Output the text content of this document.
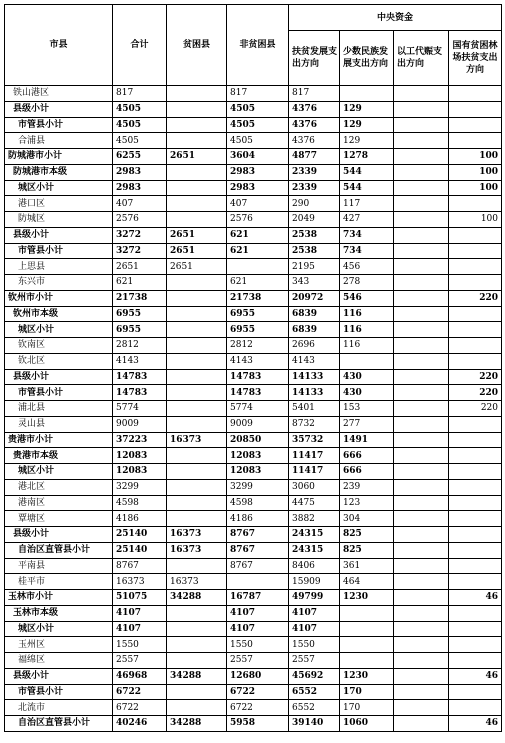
市县	合计	贫困县	非贫困县	中央资金			
				扶贫发展支出方向	少数民族发展支出方向	以工代赈支出方向	国有贫困林场扶贫支出方向
铁山港区	817		817	817			
县级小计	4505		4505	4376	129		
市管县小计	4505		4505	4376	129		
合浦县	4505		4505	4376	129		
防城港市小计	6255	2651	3604	4877	1278		100
防城港市本级	2983		2983	2339	544		100
城区小计	2983		2983	2339	544		100
港口区	407		407	290	117		
防城区	2576		2576	2049	427		100
县级小计	3272	2651	621	2538	734		
市管县小计	3272	2651	621	2538	734		
上思县	2651	2651		2195	456		
东兴市	621		621	343	278		
钦州市小计	21738		21738	20972	546		220
钦州市本级	6955		6955	6839	116		
城区小计	6955		6955	6839	116		
钦南区	2812		2812	2696	116		
钦北区	4143		4143	4143			
县级小计	14783		14783	14133	430		220
市管县小计	14783		14783	14133	430		220
浦北县	5774		5774	5401	153		220
灵山县	9009		9009	8732	277		
贵港市小计	37223	16373	20850	35732	1491		
贵港市本级	12083		12083	11417	666		
城区小计	12083		12083	11417	666		
港北区	3299		3299	3060	239		
港南区	4598		4598	4475	123		
覃塘区	4186		4186	3882	304		
县级小计	25140	16373	8767	24315	825		
自治区直管县小计	25140	16373	8767	24315	825		
平南县	8767		8767	8406	361		
桂平市	16373	16373		15909	464		
玉林市小计	51075	34288	16787	49799	1230		46
玉林市本级	4107		4107	4107			
城区小计	4107		4107	4107			
玉州区	1550		1550	1550			
福绵区	2557		2557	2557			
县级小计	46968	34288	12680	45692	1230		46
市管县小计	6722		6722	6552	170		
北流市	6722		6722	6552	170		
自治区直管县小计	40246	34288	5958	39140	1060		46
